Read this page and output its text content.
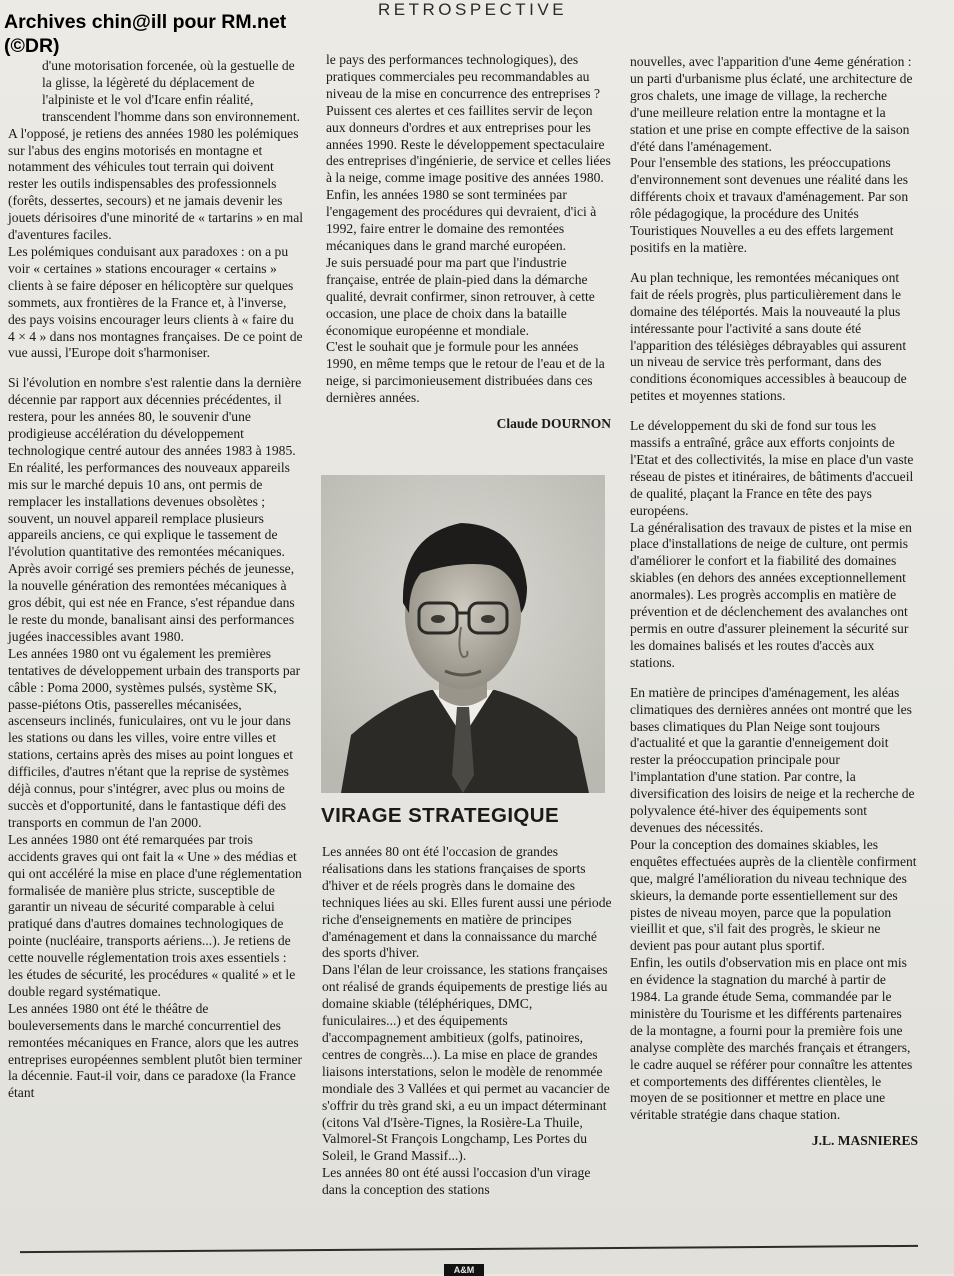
Archives chin@ill pour RM.net
(©DR)
RETROSPECTIVE

d'une motorisation forcenée, où la gestuelle de la glisse, la légèreté du déplacement de l'alpiniste et le vol d'Icare enfin réalité, transcendent l'homme dans son environnement.

A l'opposé, je retiens des années 1980 les polémiques sur l'abus des engins motorisés en montagne et notamment des véhicules tout terrain qui doivent rester les outils indispensables des professionnels (forêts, dessertes, secours) et ne jamais devenir les jouets dérisoires d'une minorité de « tartarins » en mal d'aventures faciles.

Les polémiques conduisant aux paradoxes : on a pu voir « certaines » stations encourager « certains » clients à se faire déposer en hélicoptère sur quelques sommets, aux frontières de la France et, à l'inverse, des pays voisins encourager leurs clients à « faire du 4 × 4 » dans nos montagnes françaises. De ce point de vue aussi, l'Europe doit s'harmoniser.

Si l'évolution en nombre s'est ralentie dans la dernière décennie par rapport aux décennies précédentes, il restera, pour les années 80, le souvenir d'une prodigieuse accélération du développement technologique centré autour des années 1983 à 1985.

En réalité, les performances des nouveaux appareils mis sur le marché depuis 10 ans, ont permis de remplacer les installations devenues obsolètes ; souvent, un nouvel appareil remplace plusieurs appareils anciens, ce qui explique le tassement de l'évolution quantitative des remontées mécaniques.

Après avoir corrigé ses premiers péchés de jeunesse, la nouvelle génération des remontées mécaniques à gros débit, qui est née en France, s'est répandue dans le reste du monde, banalisant ainsi des performances jugées inaccessibles avant 1980.

Les années 1980 ont vu également les premières tentatives de développement urbain des transports par câble : Poma 2000, systèmes pulsés, système SK, passe-piétons Otis, passerelles mécanisées, ascenseurs inclinés, funiculaires, ont vu le jour dans les stations ou dans les villes, voire entre villes et stations, certains après des mises au point longues et difficiles, d'autres n'étant que la reprise de systèmes déjà connus, pour s'intégrer, avec plus ou moins de succès et d'opportunité, dans le fantastique défi des transports en commun de l'an 2000.

Les années 1980 ont été remarquées par trois accidents graves qui ont fait la « Une » des médias et qui ont accéléré la mise en place d'une réglementation formalisée de manière plus stricte, susceptible de garantir un niveau de sécurité comparable à celui pratiqué dans d'autres domaines technologiques de pointe (nucléaire, transports aériens...). Je retiens de cette nouvelle réglementation trois axes essentiels : les études de sécurité, les procédures « qualité » et le double regard systématique.

Les années 1980 ont été le théâtre de bouleversements dans le marché concurrentiel des remontées mécaniques en France, alors que les autres entreprises européennes semblent plutôt bien terminer la décennie. Faut-il voir, dans ce paradoxe (la France étant

le pays des performances technologiques), des pratiques commerciales peu recommandables au niveau de la mise en concurrence des entreprises ? Puissent ces alertes et ces faillites servir de leçon aux donneurs d'ordres et aux entreprises pour les années 1990. Reste le développement spectaculaire des entreprises d'ingénierie, de service et celles liées à la neige, comme image positive des années 1980.

Enfin, les années 1980 se sont terminées par l'engagement des procédures qui devraient, d'ici à 1992, faire entrer le domaine des remontées mécaniques dans le grand marché européen.

Je suis persuadé pour ma part que l'industrie française, entrée de plain-pied dans la démarche qualité, devrait confirmer, sinon retrouver, à cette occasion, une place de choix dans la bataille économique européenne et mondiale.

C'est le souhait que je formule pour les années 1990, en même temps que le retour de l'eau et de la neige, si parcimonieusement distribuées dans ces dernières années.

Claude DOURNON

VIRAGE STRATEGIQUE

Les années 80 ont été l'occasion de grandes réalisations dans les stations françaises de sports d'hiver et de réels progrès dans le domaine des techniques liées au ski. Elles furent aussi une période riche d'enseignements en matière de principes d'aménagement et dans la connaissance du marché des sports d'hiver.

Dans l'élan de leur croissance, les stations françaises ont réalisé de grands équipements de prestige liés au domaine skiable (téléphériques, DMC, funiculaires...) et des équipements d'accompagnement ambitieux (golfs, patinoires, centres de congrès...). La mise en place de grandes liaisons interstations, selon le modèle de renommée mondiale des 3 Vallées et qui permet au vacancier de s'offrir du très grand ski, a eu un impact déterminant (citons Val d'Isère-Tignes, la Rosière-La Thuile, Valmorel-St François Longchamp, Les Portes du Soleil, le Grand Massif...).

Les années 80 ont été aussi l'occasion d'un virage dans la conception des stations

nouvelles, avec l'apparition d'une 4eme génération : un parti d'urbanisme plus éclaté, une architecture de gros chalets, une image de village, la recherche d'une meilleure relation entre la montagne et la station et une prise en compte effective de la saison d'été dans l'aménagement.

Pour l'ensemble des stations, les préoccupations d'environnement sont devenues une réalité dans les différents choix et travaux d'aménagement. Par son rôle pédagogique, la procédure des Unités Touristiques Nouvelles a eu des effets largement positifs en la matière.

Au plan technique, les remontées mécaniques ont fait de réels progrès, plus particulièrement dans le domaine des téléportés. Mais la nouveauté la plus intéressante pour l'activité a sans doute été l'apparition des télésièges débrayables qui assurent un niveau de service très performant, dans des conditions économiques accessibles à beaucoup de petites et moyennes stations.

Le développement du ski de fond sur tous les massifs a entraîné, grâce aux efforts conjoints de l'Etat et des collectivités, la mise en place d'un vaste réseau de pistes et itinéraires, de bâtiments d'accueil de qualité, plaçant la France en tête des pays européens.

La généralisation des travaux de pistes et la mise en place d'installations de neige de culture, ont permis d'améliorer le confort et la fiabilité des domaines skiables (en dehors des années exceptionnellement anormales). Les progrès accomplis en matière de prévention et de déclenchement des avalanches ont permis en outre d'assurer pleinement la sécurité sur les domaines balisés et les routes d'accès aux stations.

En matière de principes d'aménagement, les aléas climatiques des dernières années ont montré que les bases climatiques du Plan Neige sont toujours d'actualité et que la garantie d'enneigement doit rester la préoccupation principale pour l'implantation d'une station. Par contre, la diversification des loisirs de neige et la recherche de polyvalence été-hiver des équipements sont devenues des nécessités.

Pour la conception des domaines skiables, les enquêtes effectuées auprès de la clientèle confirment que, malgré l'amélioration du niveau technique des skieurs, la demande porte essentiellement sur des pistes de niveau moyen, parce que la population vieillit et que, s'il fait des progrès, le skieur ne devient pas pour autant plus sportif.

Enfin, les outils d'observation mis en place ont mis en évidence la stagnation du marché à partir de 1984. La grande étude Sema, commandée par le ministère du Tourisme et les différents partenaires de la montagne, a fourni pour la première fois une analyse complète des marchés français et étrangers, le cadre auquel se référer pour connaître les attentes et comportements des différentes clientèles, le moyen de se positionner et mettre en place une véritable stratégie dans chaque station.

J.L. MASNIERES

A&M
